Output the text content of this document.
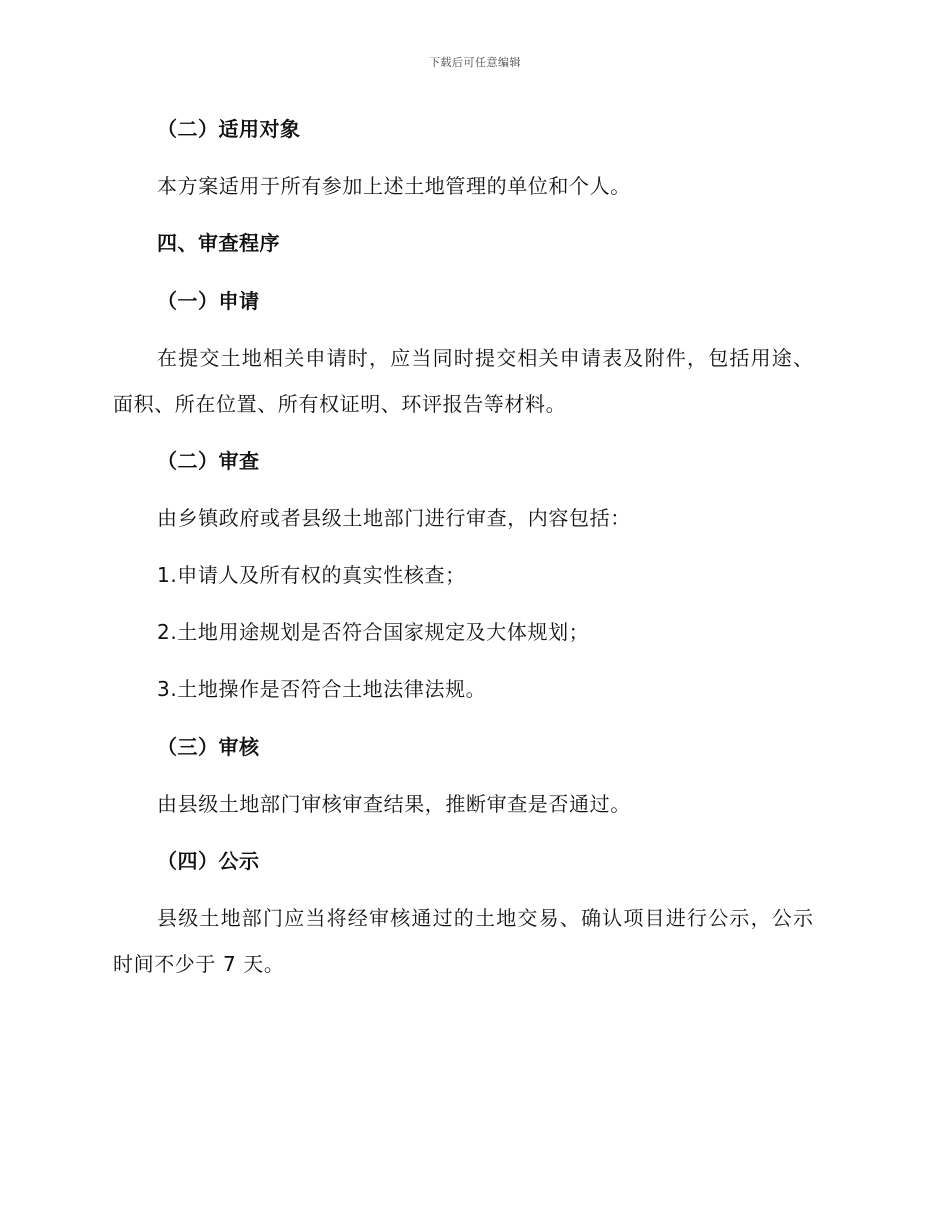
下载后可任意编辑
（二）适用对象
本方案适用于所有参加上述土地管理的单位和个人。
四、审查程序
（一）申请
在提交土地相关申请时，应当同时提交相关申请表及附件，包括用途、
面积、所在位置、所有权证明、环评报告等材料。
（二）审查
由乡镇政府或者县级土地部门进行审查，内容包括：
1.申请人及所有权的真实性核查；
2.土地用途规划是否符合国家规定及大体规划；
3.土地操作是否符合土地法律法规。
（三）审核
由县级土地部门审核审查结果，推断审查是否通过。
（四）公示
县级土地部门应当将经审核通过的土地交易、确认项目进行公示，公示
时间不少于 7 天。
